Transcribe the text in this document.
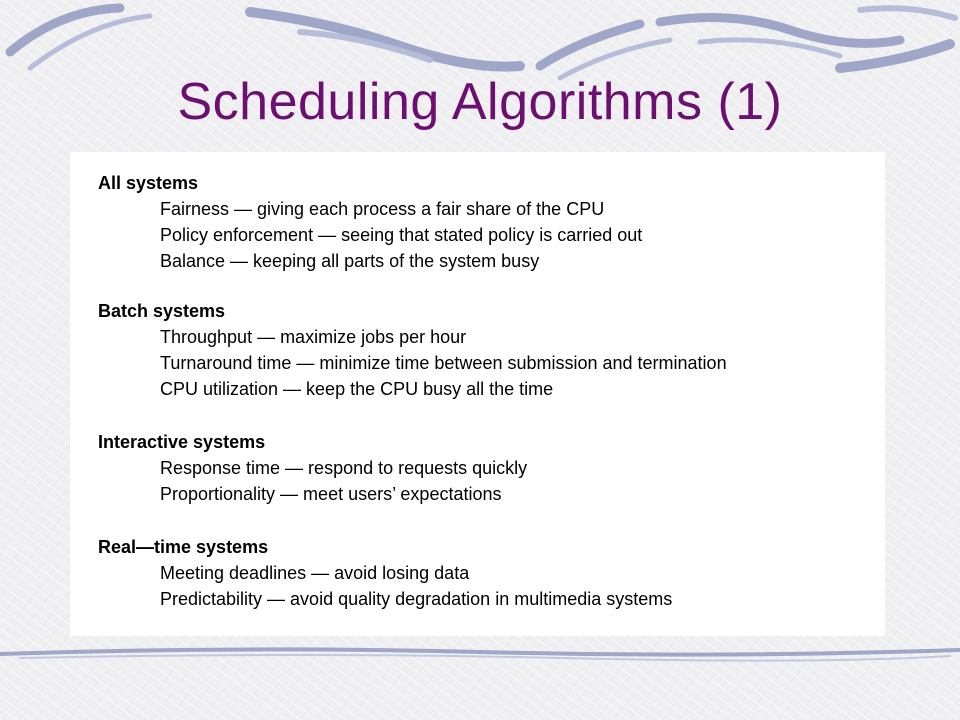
Scheduling Algorithms (1)
All systems
Fairness — giving each process a fair share of the CPU
Policy enforcement — seeing that stated policy is carried out
Balance — keeping all parts of the system busy
Batch systems
Throughput — maximize jobs per hour
Turnaround time — minimize time between submission and termination
CPU utilization — keep the CPU busy all the time
Interactive systems
Response time — respond to requests quickly
Proportionality — meet users’ expectations
Real—time systems
Meeting deadlines — avoid losing data
Predictability — avoid quality degradation in multimedia systems
